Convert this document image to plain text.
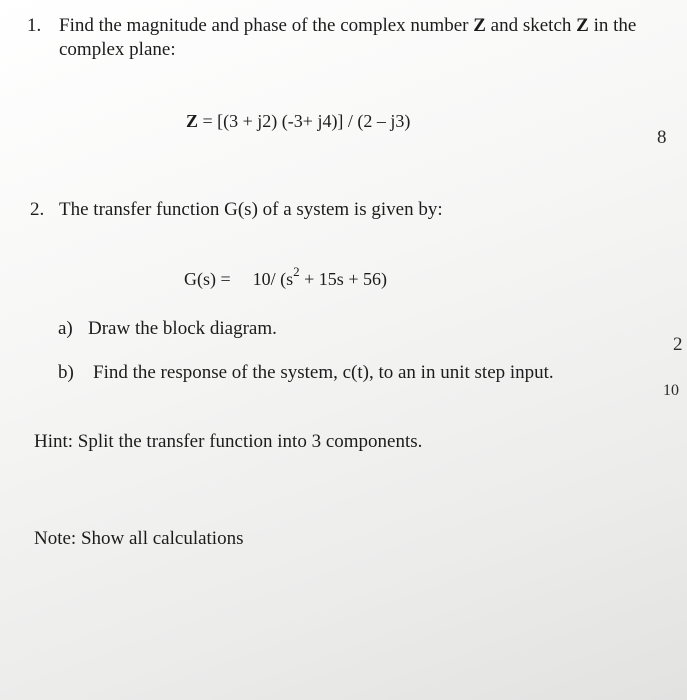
1. Find the magnitude and phase of the complex number Z and sketch Z in the
complex plane:
Z = [(3 + j2) (-3+ j4)] / (2 – j3)
8
2. The transfer function G(s) of a system is given by:
G(s) = 10/ $(s^2 + 15s + 56)$
a) Draw the block diagram.
2
b) Find the response of the system, c(t), to an in unit step input.
10
Hint: Split the transfer function into 3 components.
Note: Show all calculations
